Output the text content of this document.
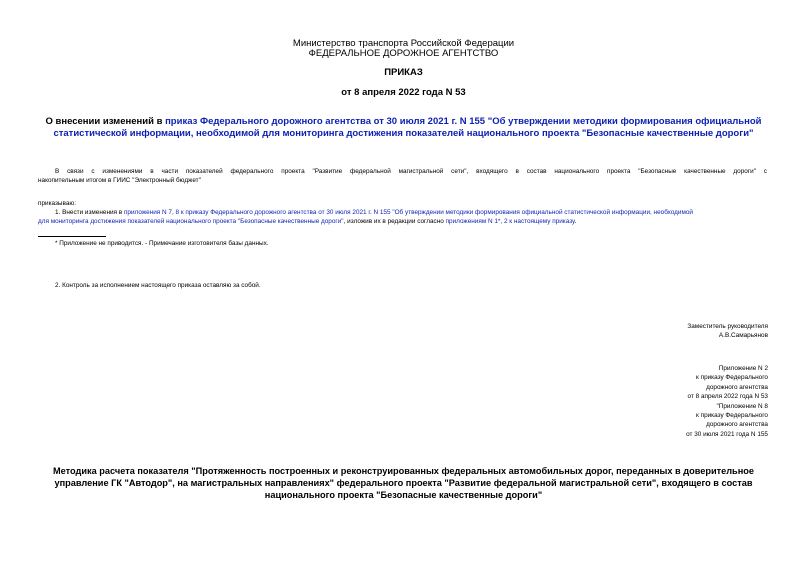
Министерство транспорта Российской Федерации
ФЕДЕРАЛЬНОЕ ДОРОЖНОЕ АГЕНТСТВО
ПРИКАЗ
от 8 апреля 2022 года N 53
О внесении изменений в приказ Федерального дорожного агентства от 30 июля 2021 г. N 155 "Об утверждении методики формирования официальной
статистической информации, необходимой для мониторинга достижения показателей национального проекта "Безопасные качественные дороги"
В связи с изменениями в части показателей федерального проекта "Развитие федеральной магистральной сети", входящего в состав национального проекта "Безопасные качественные дороги" с
накопительным итогом в ГИИС "Электронный бюджет"
приказываю:
1. Внести изменения в приложения N 7, 8 к приказу Федерального дорожного агентства от 30 июля 2021 г. N 155 "Об утверждении методики формирования официальной статистической информации, необходимой
для мониторинга достижения показателей национального проекта "Безопасные качественные дороги", изложив их в редакции согласно приложениям N 1*, 2 к настоящему приказу.
* Приложение не приводится. - Примечание изготовителя базы данных.
2. Контроль за исполнением настоящего приказа оставляю за собой.
Заместитель руководителя
А.В.Самарьянов
Приложение N 2
к приказу Федерального
дорожного агентства
от 8 апреля 2022 года N 53
"Приложение N 8
к приказу Федерального
дорожного агентства
от 30 июля 2021 года N 155
Методика расчета показателя "Протяженность построенных и реконструированных федеральных автомобильных дорог, переданных в доверительное
управление ГК "Автодор", на магистральных направлениях" федерального проекта "Развитие федеральной магистральной сети", входящего в состав
национального проекта "Безопасные качественные дороги"
